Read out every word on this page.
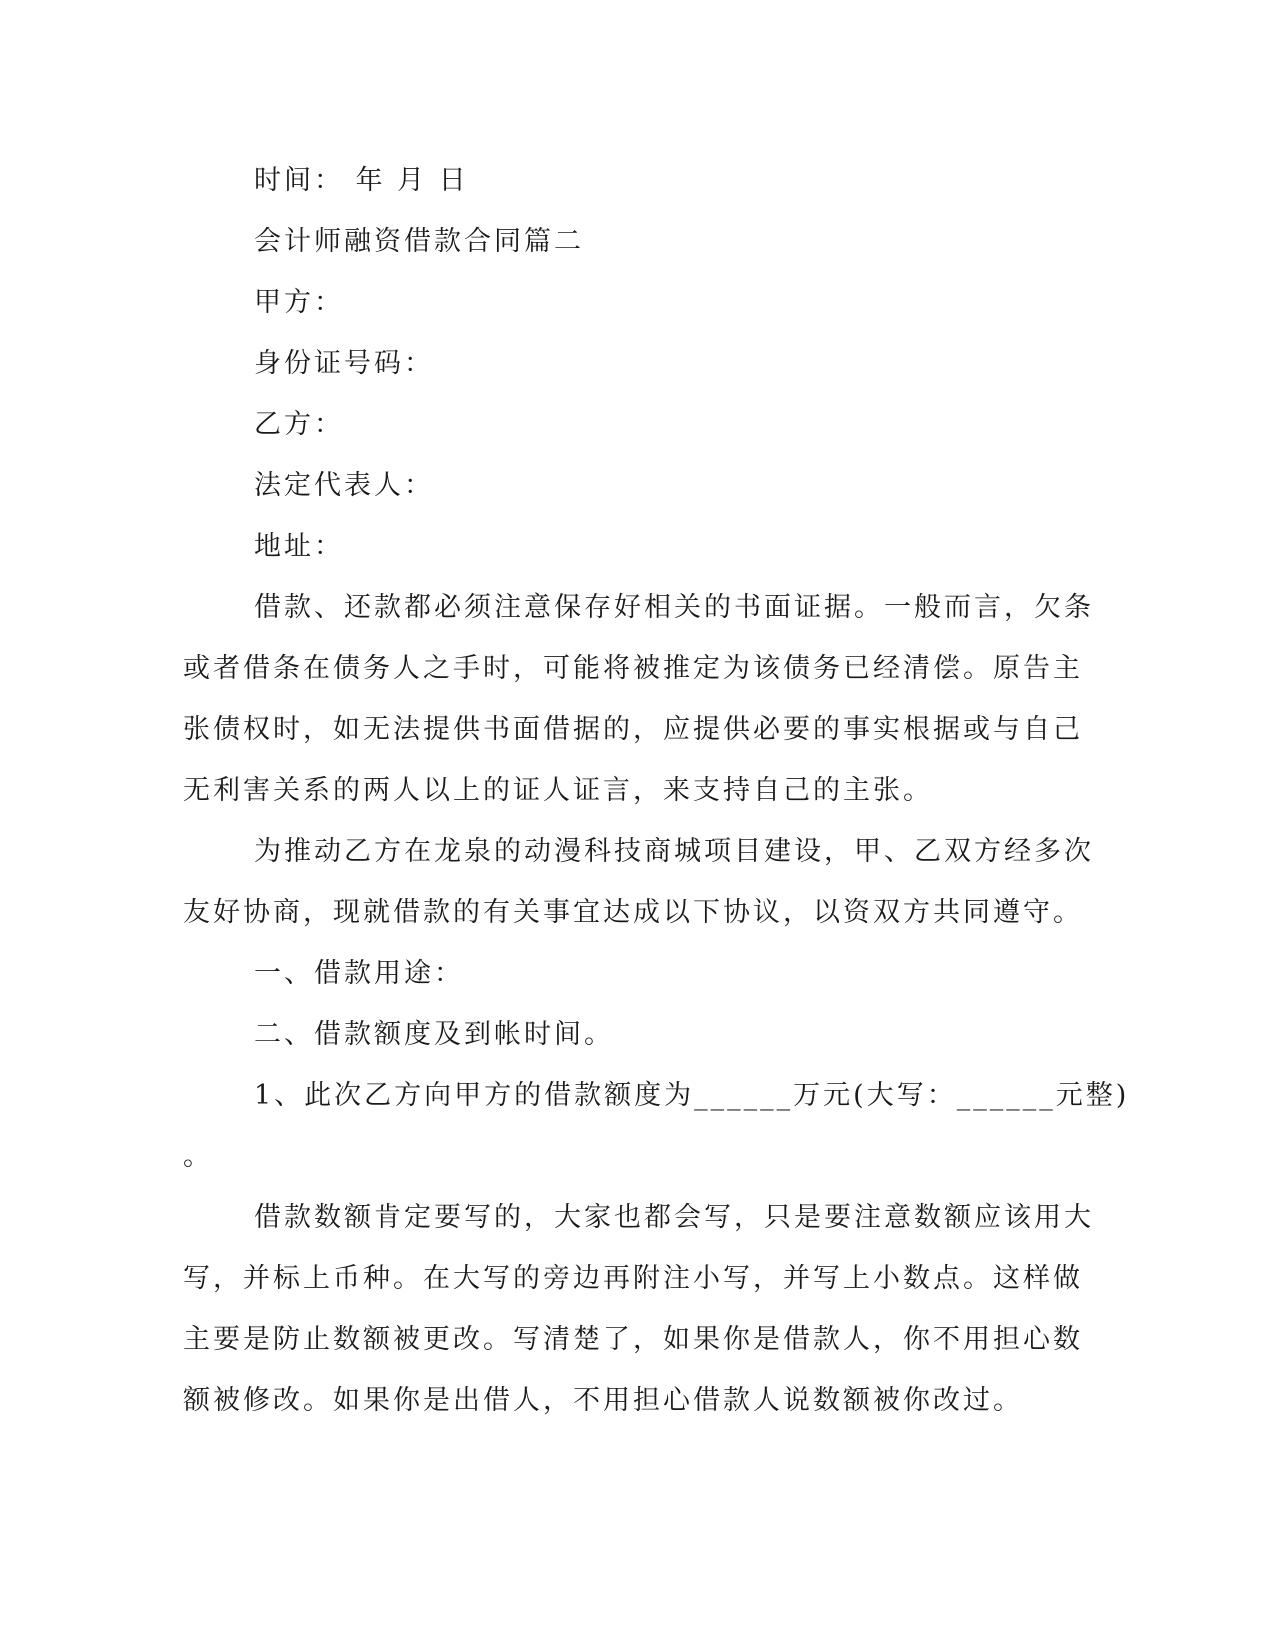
时间： 年 月 日

会计师融资借款合同篇二

甲方：

身份证号码：

乙方：

法定代表人：

地址：

借款、还款都必须注意保存好相关的书面证据。一般而言，欠条

或者借条在债务人之手时，可能将被推定为该债务已经清偿。原告主

张债权时，如无法提供书面借据的，应提供必要的事实根据或与自己

无利害关系的两人以上的证人证言，来支持自己的主张。

为推动乙方在龙泉的动漫科技商城项目建设，甲、乙双方经多次

友好协商，现就借款的有关事宜达成以下协议，以资双方共同遵守。

一、借款用途：

二、借款额度及到帐时间。

1、此次乙方向甲方的借款额度为______万元(大写：______元整)

。

借款数额肯定要写的，大家也都会写，只是要注意数额应该用大

写，并标上币种。在大写的旁边再附注小写，并写上小数点。这样做

主要是防止数额被更改。写清楚了，如果你是借款人，你不用担心数

额被修改。如果你是出借人，不用担心借款人说数额被你改过。
